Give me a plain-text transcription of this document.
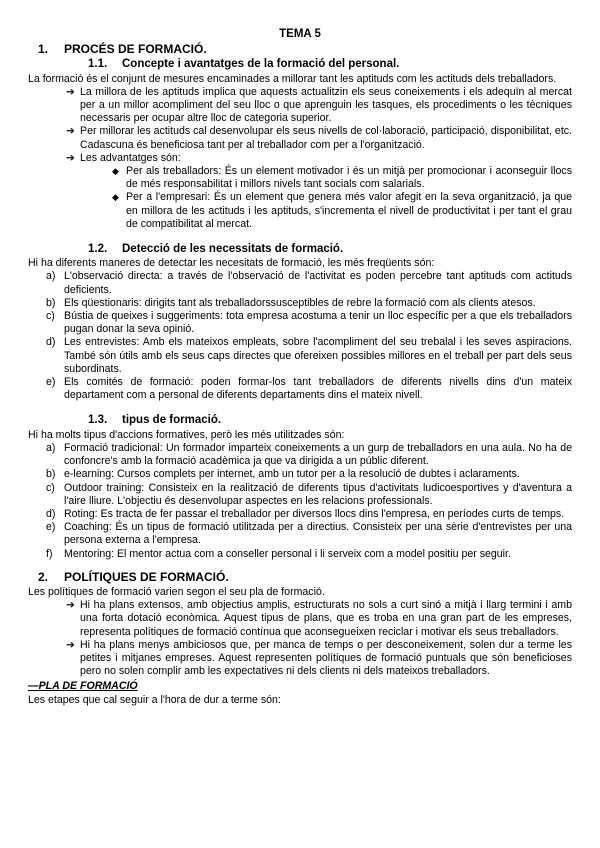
TEMA 5
1.	PROCÉS DE FORMACIÓ.
1.1.	Concepte i avantatges de la formació del personal.

La formació és el conjunt de mesures encaminades a millorar tant les aptituds com les actituds dels treballadors.

➔ La millora de les aptituds implica que aquests actualitzin els seus coneixements i els adequïn al mercat per a un millor acompliment del seu lloc o que aprenguin les tasques, els procediments o les tècniques necessaris per ocupar altre lloc de categoria superior.
➔ Per millorar les actituds cal desenvolupar els seus nivells de col·laboració, participació, disponibilitat, etc. Cadascuna és beneficiosa tant per al treballador com per a l'organització.
➔ Les advantatges són:
◆ Per als treballadors: És un element motivador i és un mitjà per promocionar i aconseguir llocs de més responsabilitat i millors nivels tant socials com salarials.
◆ Per a l'empresari: És un element que genera més valor afegit en la seva organització, ja que en millora de les actituds i les aptituds, s'incrementa el nivell de productivitat i per tant el grau de compatibilitat al mercat.
1.2.	Detecció de les necessitats de formació.

Hi ha diferents maneres de detectar les necesitats de formació, les més freqüents són:

a) L'observació directa: a través de l'observació de l'activitat es poden percebre tant aptituds com actituds deficients.
b) Els qüestionaris: dirigits tant als treballadorssusceptibles de rebre la formació com als clients atesos.
c) Bústia de queixes i suggeriments: tota empresa acostuma a tenir un lloc específic per a que els treballadors pugan donar la seva opinió.
d) Les entrevistes: Amb els mateixos empleats, sobre l'acompliment del seu trebalal i les seves aspiracions. També són útils amb els seus caps directes que ofereixen possibles millores en el treball per part dels seus subordinats.
e) Els comités de formació: poden formar-los tant treballadors de diferents nivells dins d'un mateix departament com a personal de diferents departaments dins el mateix nivell.
1.3.	tipus de formació.

Hi ha molts tipus d'accions formatives, però les més utilitzades són:

a) Formació tradicional: Un formador imparteix coneixements a un gurp de treballadors en una aula. No ha de confoncre's amb la formació acadèmica ja que va dirigida a un públic diferent.
b) e-learning: Cursos complets per internet, amb un tutor per a la resolució de dubtes i aclaraments.
c) Outdoor training: Consisteix en la realització de diferents tipus d'activitats ludicoesportives y d'aventura a l'aire lliure. L'objectiu és desenvolupar aspectes en les relacions professionals.
d) Roting: Es tracta de fer passar el treballador per diversos llocs dins l'empresa, en períodes curts de temps.
e) Coaching: És un tipus de formació utilitzada per a directius. Consisteix per una sèrie d'entrevistes per una persona externa a l'empresa.
f) Mentoring: El mentor actua com a conseller personal i li serveix com a model positiu per seguir.
2.	POLÍTIQUES DE FORMACIÓ.

Les polítiques de formació varien segon el seu pla de formació.

➔ Hi ha plans extensos, amb objectius amplis, estructurats no sols a curt sinó a mitjà i llarg termini i amb una forta dotació econòmica. Aquest tipus de plans, que es troba en una gran part de les empreses, representa polítiques de formació contínua que aconsegueixen reciclar i motivar els seus treballadors.
➔ Hi ha plans menys ambiciosos que, per manca de temps o per desconeixement, solen dur a terme les petites i mitjanes empreses. Aquest representen polítiques de formació puntuals que són beneficioses pero no solen complir amb les expectatives ni dels clients ni dels mateixos treballadors.
—PLA DE FORMACIÓ

Les etapes que cal seguir a l'hora de dur a terme són:
